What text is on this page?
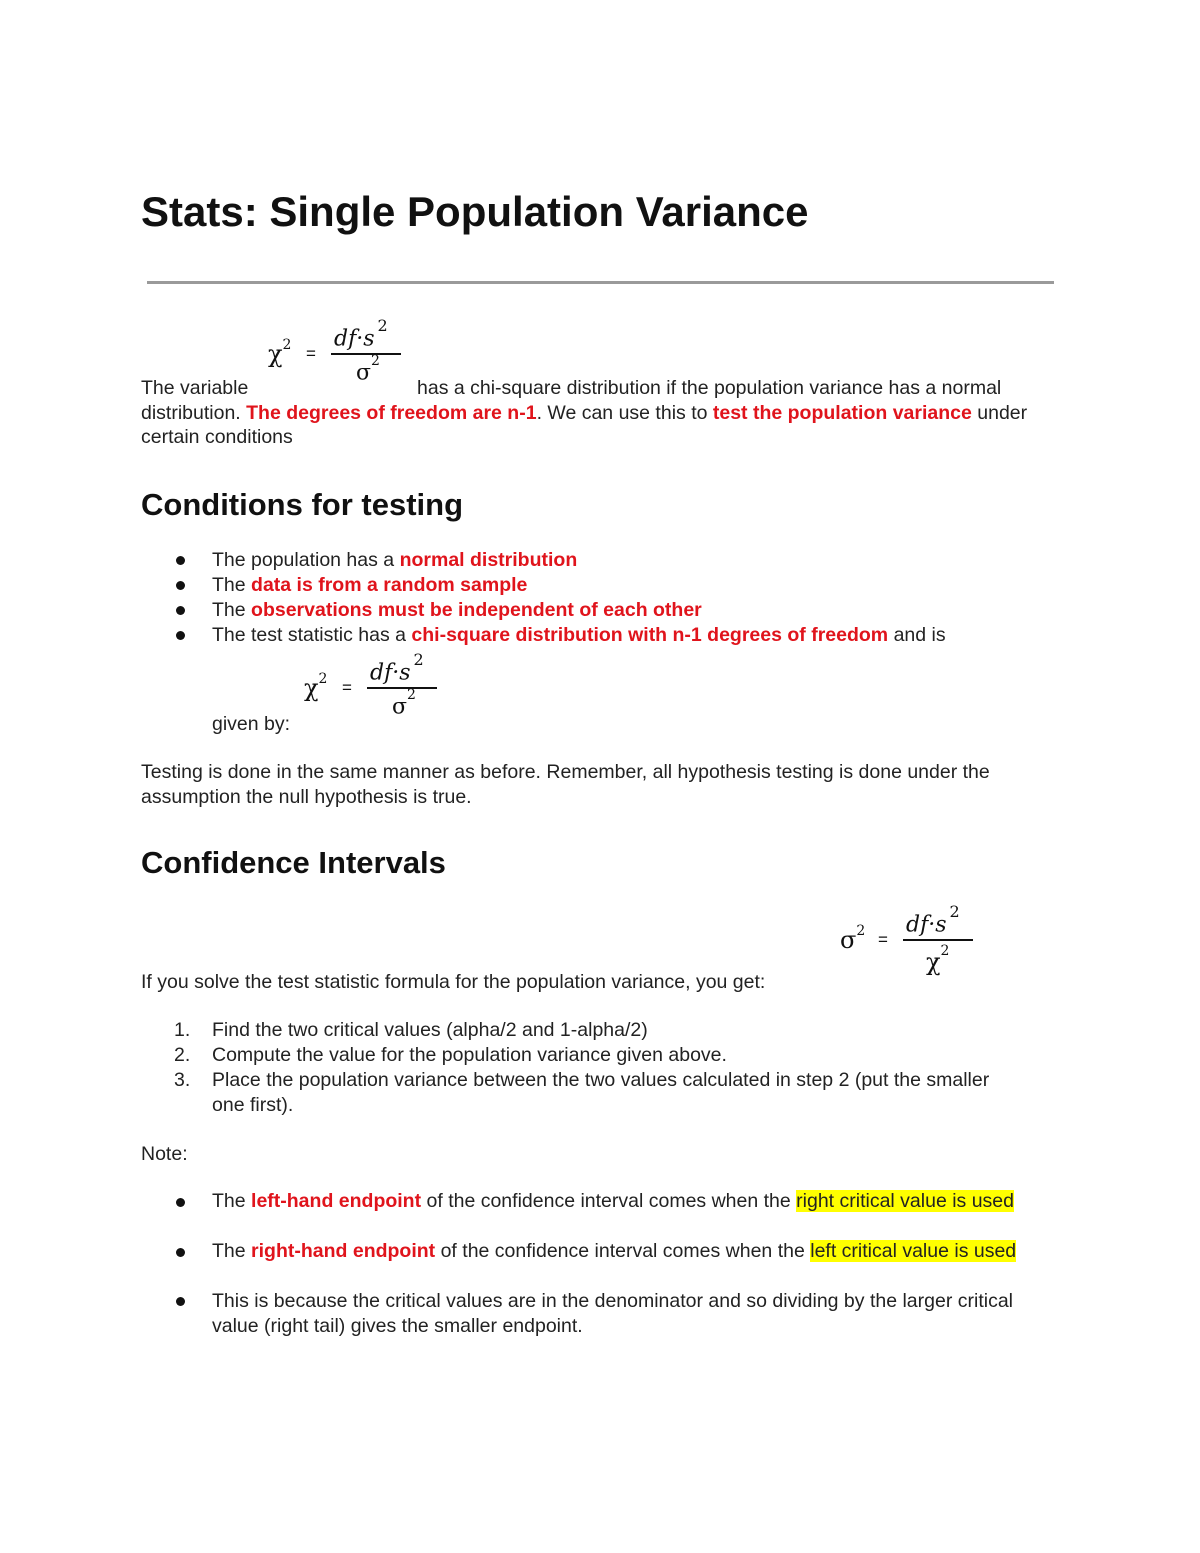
Stats: Single Population Variance
$\chi^2$ =
$df\cdot s^2$
$\sigma^2$
The variable	has a chi-square distribution if the population variance has a normal distribution. The degrees of freedom are n-1. We can use this to test the population variance under certain conditions
Conditions for testing
The population has a normal distribution
The data is from a random sample
The observations must be independent of each other
The test statistic has a chi-square distribution with n-1 degrees of freedom and is
$\chi^2$ =
$df\cdot s^2$
$\sigma^2$
given by:
Testing is done in the same manner as before. Remember, all hypothesis testing is done under the assumption the null hypothesis is true.
Confidence Intervals
$\sigma^2$ =
$df\cdot s^2$
$\chi^2$
If you solve the test statistic formula for the population variance, you get:
1. Find the two critical values (alpha/2 and 1-alpha/2)
2. Compute the value for the population variance given above.
3. Place the population variance between the two values calculated in step 2 (put the smaller one first).
Note:
The left-hand endpoint of the confidence interval comes when the right critical value is used
The right-hand endpoint of the confidence interval comes when the left critical value is used
This is because the critical values are in the denominator and so dividing by the larger critical value (right tail) gives the smaller endpoint.
